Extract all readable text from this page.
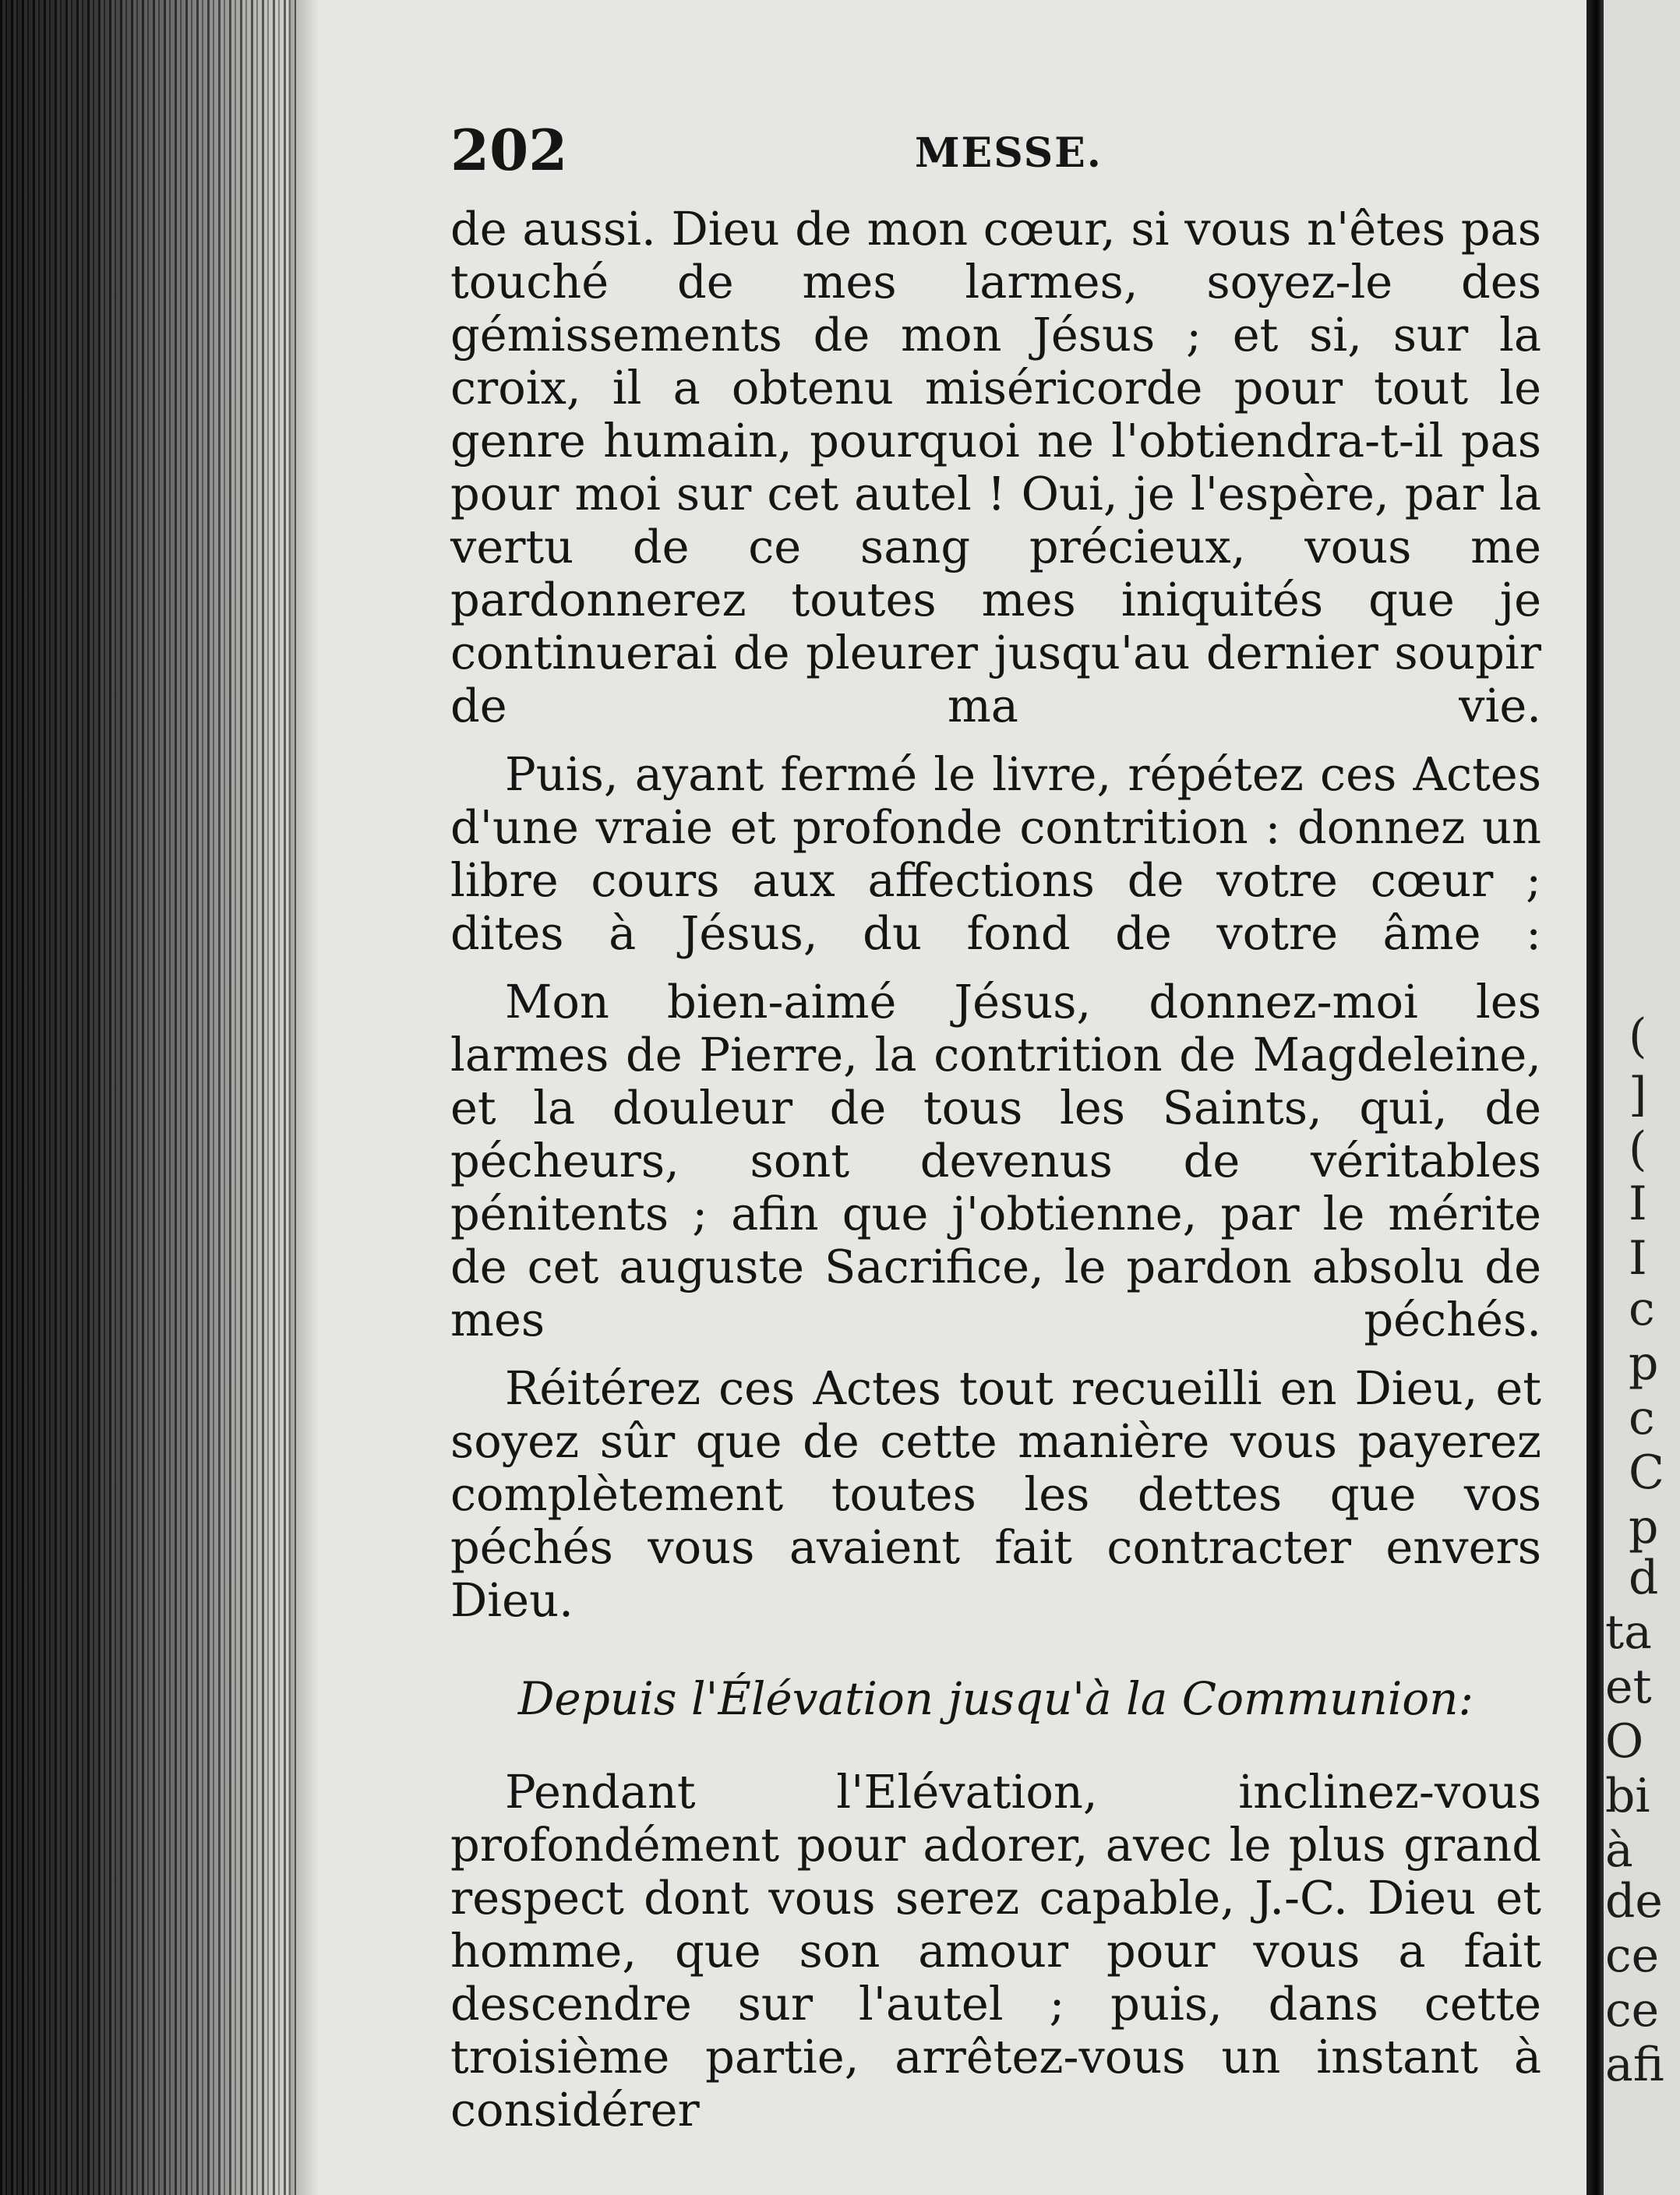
202	MESSE.

de aussi. Dieu de mon cœur, si vous n'êtes pas touché de mes larmes, soyez-le des gémissements de mon Jésus ; et si, sur la croix, il a obtenu miséricorde pour tout le genre humain, pourquoi ne l'obtiendra-t-il pas pour moi sur cet autel ! Oui, je l'espère, par la vertu de ce sang précieux, vous me pardonnerez toutes mes iniquités que je continuerai de pleurer jusqu'au dernier soupir de ma vie.

Puis, ayant fermé le livre, répétez ces Actes d'une vraie et profonde contrition : donnez un libre cours aux affections de votre cœur ; dites à Jésus, du fond de votre âme :

Mon bien-aimé Jésus, donnez-moi les larmes de Pierre, la contrition de Magdeleine, et la douleur de tous les Saints, qui, de pécheurs, sont devenus de véritables pénitents ; afin que j'obtienne, par le mérite de cet auguste Sacrifice, le pardon absolu de mes péchés.

Réitérez ces Actes tout recueilli en Dieu, et soyez sûr que de cette manière vous payerez complètement toutes les dettes que vos péchés vous avaient fait contracter envers Dieu.

Depuis l'Élévation jusqu'à la Communion:

Pendant l'Elévation, inclinez-vous profondément pour adorer, avec le plus grand respect dont vous serez capable, J.-C. Dieu et homme, que son amour pour vous a fait descendre sur l'autel ; puis, dans cette troisième partie, arrêtez-vous un instant à considérer

(
]
(
I
I
c
p
c
C
p
d
ta
et
O
bi
à
de
ce
ce
afi
